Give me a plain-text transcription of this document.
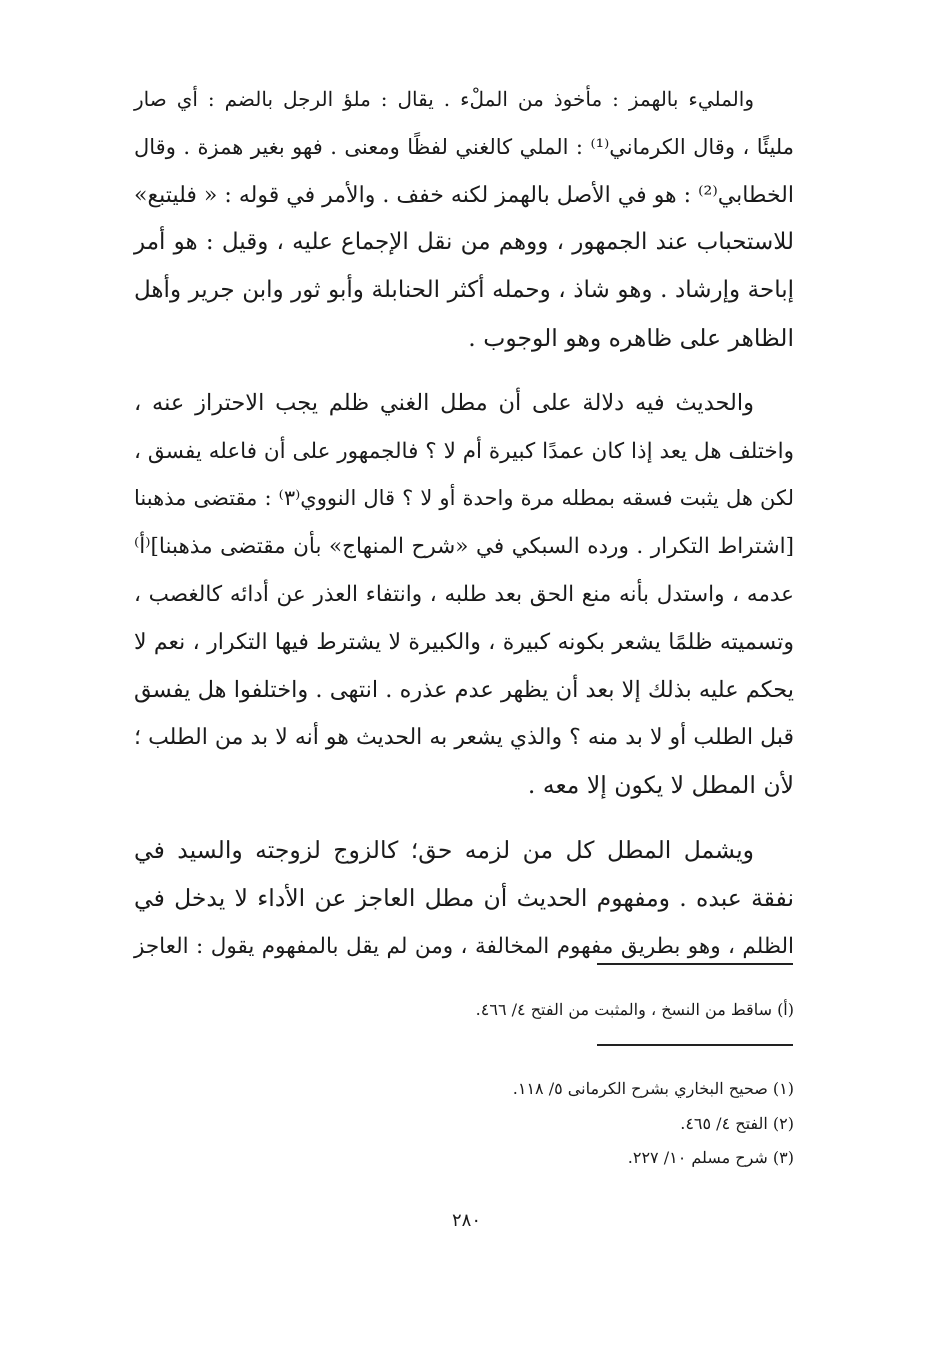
والمليء بالهمز : مأخوذ من الملْء . يقال : ملؤ الرجل بالضم : أي صار
مليئًا ، وقال الكرماني⁽¹⁾ : الملي كالغني لفظًا ومعنى . فهو بغير همزة . وقال
الخطابي⁽²⁾ : هو في الأصل بالهمز لكنه خفف . والأمر في قوله : « فليتبع»
للاستحباب عند الجمهور ، ووهم من نقل الإجماع عليه ، وقيل : هو أمر
إباحة وإرشاد . وهو شاذ ، وحمله أكثر الحنابلة وأبو ثور وابن جرير وأهل
الظاهر على ظاهره وهو الوجوب .

والحديث فيه دلالة على أن مطل الغني ظلم يجب الاحتراز عنه ،
واختلف هل يعد إذا كان عمدًا كبيرة أم لا ؟ فالجمهور على أن فاعله يفسق ،
لكن هل يثبت فسقه بمطله مرة واحدة أو لا ؟ قال النووي⁽٣⁾ : مقتضى مذهبنا
[اشتراط التكرار . ورده السبكي في «شرح المنهاج» بأن مقتضى مذهبنا]⁽أ⁾
عدمه ، واستدل بأنه منع الحق بعد طلبه ، وانتفاء العذر عن أدائه كالغصب ،
وتسميته ظلمًا يشعر بكونه كبيرة ، والكبيرة لا يشترط فيها التكرار ، نعم لا
يحكم عليه بذلك إلا بعد أن يظهر عدم عذره . انتهى . واختلفوا هل يفسق
قبل الطلب أو لا بد منه ؟ والذي يشعر به الحديث هو أنه لا بد من الطلب ؛
لأن المطل لا يكون إلا معه .

ويشمل المطل كل من لزمه حق؛ كالزوج لزوجته والسيد في
نفقة عبده . ومفهوم الحديث أن مطل العاجز عن الأداء لا يدخل في
الظلم ، وهو بطريق مفهوم المخالفة ، ومن لم يقل بالمفهوم يقول : العاجز

(أ) ساقط من النسخ ، والمثبت من الفتح ٤/ ٤٦٦.
(١) صحيح البخاري بشرح الكرمانى ٥/ ١١٨.
(٢) الفتح ٤/ ٤٦٥.
(٣) شرح مسلم ١٠/ ٢٢٧.
٢٨٠
